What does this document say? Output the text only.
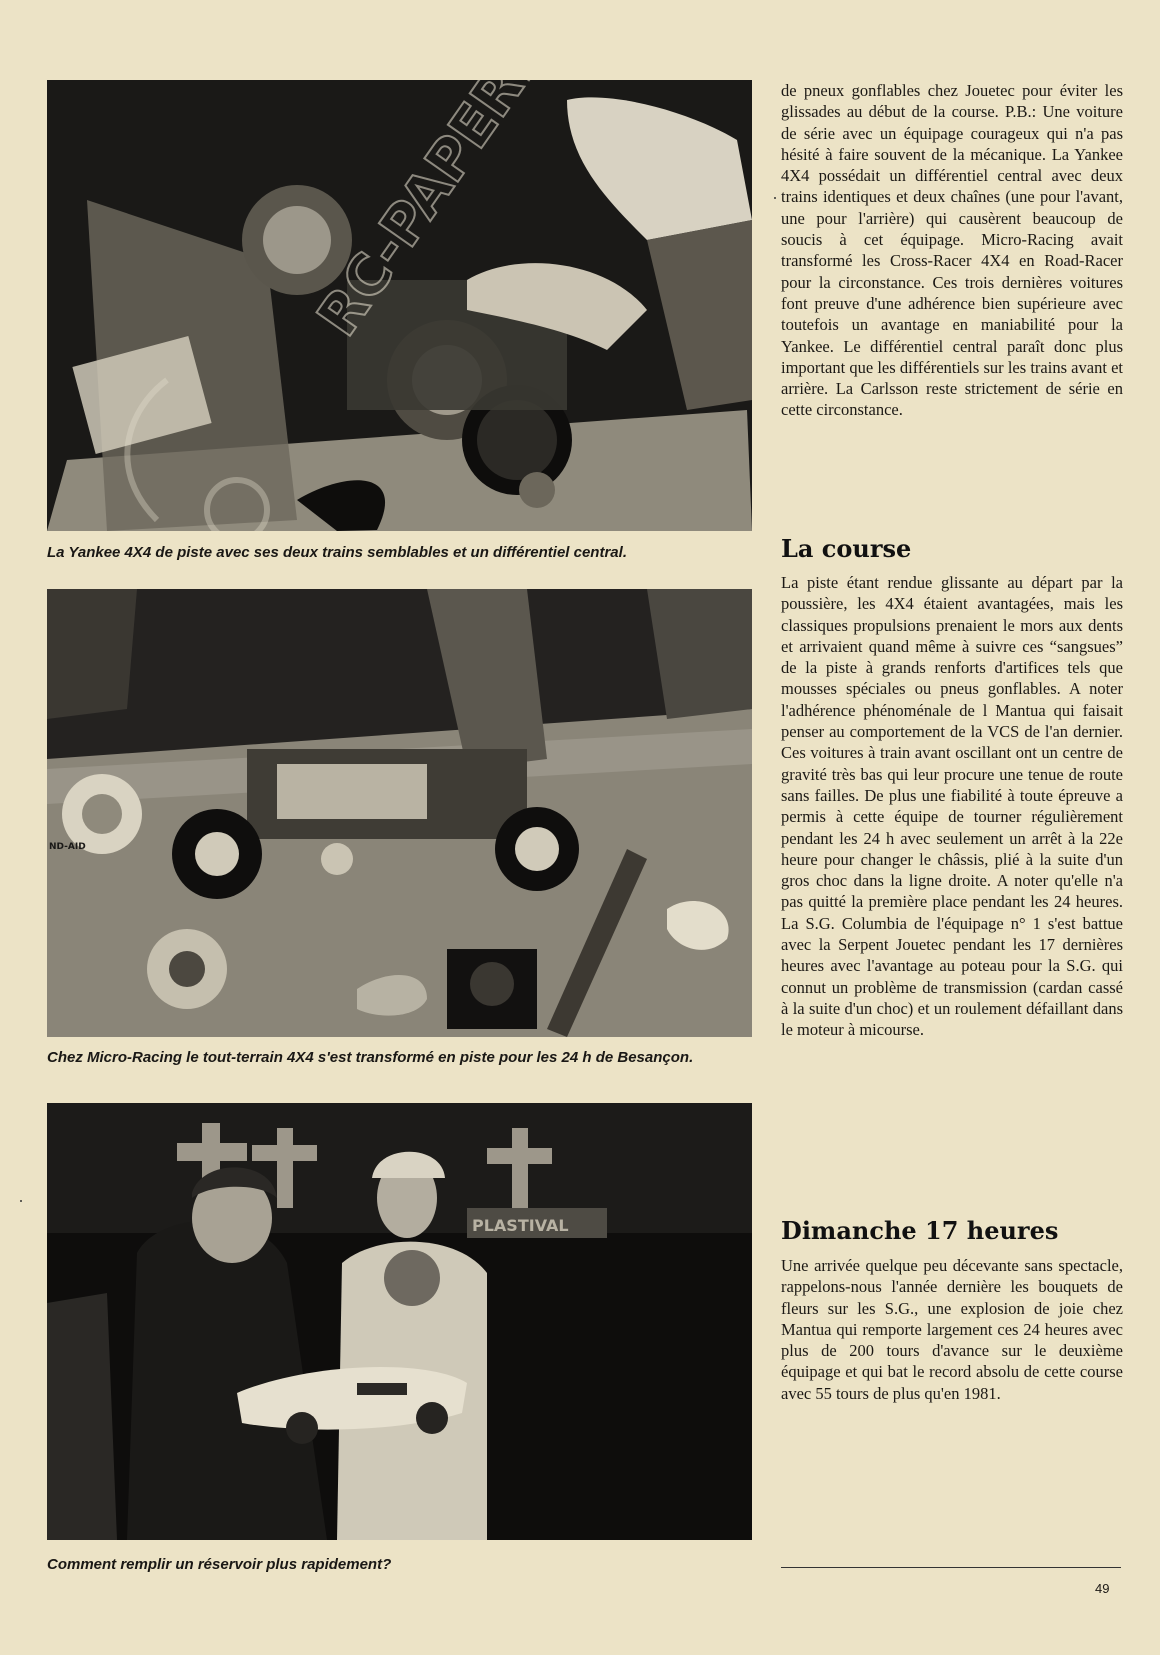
La Yankee 4X4 de piste avec ses deux trains semblables et un différentiel central.

ND-AID

Chez Micro-Racing le tout-terrain 4X4 s'est transformé en piste pour les 24 h de Besançon.

PLASTIVAL

Comment remplir un réservoir plus rapidement?

de pneux gonflables chez Jouetec pour éviter les glissades au début de la course. P.B.: Une voiture de série avec un équipage courageux qui n'a pas hésité à faire souvent de la mécanique. La Yankee 4X4 possédait un différentiel central avec deux trains identiques et deux chaînes (une pour l'avant, une pour l'arrière) qui causèrent beaucoup de soucis à cet équipage. Micro-Racing avait transformé les Cross-Racer 4X4 en Road-Racer pour la circonstance. Ces trois dernières voitures font preuve d'une adhérence bien supérieure avec toutefois un avantage en maniabilité pour la Yankee. Le différentiel central paraît donc plus important que les différentiels sur les trains avant et arrière. La Carlsson reste strictement de série en cette circonstance.

La course

La piste étant rendue glissante au départ par la poussière, les 4X4 étaient avantagées, mais les classiques propulsions prenaient le mors aux dents et arrivaient quand même à suivre ces “sangsues” de la piste à grands renforts d'artifices tels que mousses spéciales ou pneus gonflables. A noter l'adhérence phénoménale de l Mantua qui faisait penser au comportement de la VCS de l'an dernier. Ces voitures à train avant oscillant ont un centre de gravité très bas qui leur procure une tenue de route sans failles. De plus une fiabilité à toute épreuve a permis à cette équipe de tourner régulièrement pendant les 24 h avec seulement un arrêt à la 22e heure pour changer le châssis, plié à la suite d'un gros choc dans la ligne droite. A noter qu'elle n'a pas quitté la première place pendant les 24 heures. La S.G. Columbia de l'équipage n° 1 s'est battue avec la Serpent Jouetec pendant les 17 dernières heures avec l'avantage au poteau pour la S.G. qui connut un problème de transmission (cardan cassé à la suite d'un choc) et un roulement défaillant dans le moteur à micourse.

Dimanche 17 heures

Une arrivée quelque peu décevante sans spectacle, rappelons-nous l'année dernière les bouquets de fleurs sur les S.G., une explosion de joie chez Mantua qui remporte largement ces 24 heures avec plus de 200 tours d'avance sur le deuxième équipage et qui bat le record absolu de cette course avec 55 tours de plus qu'en 1981.

49
